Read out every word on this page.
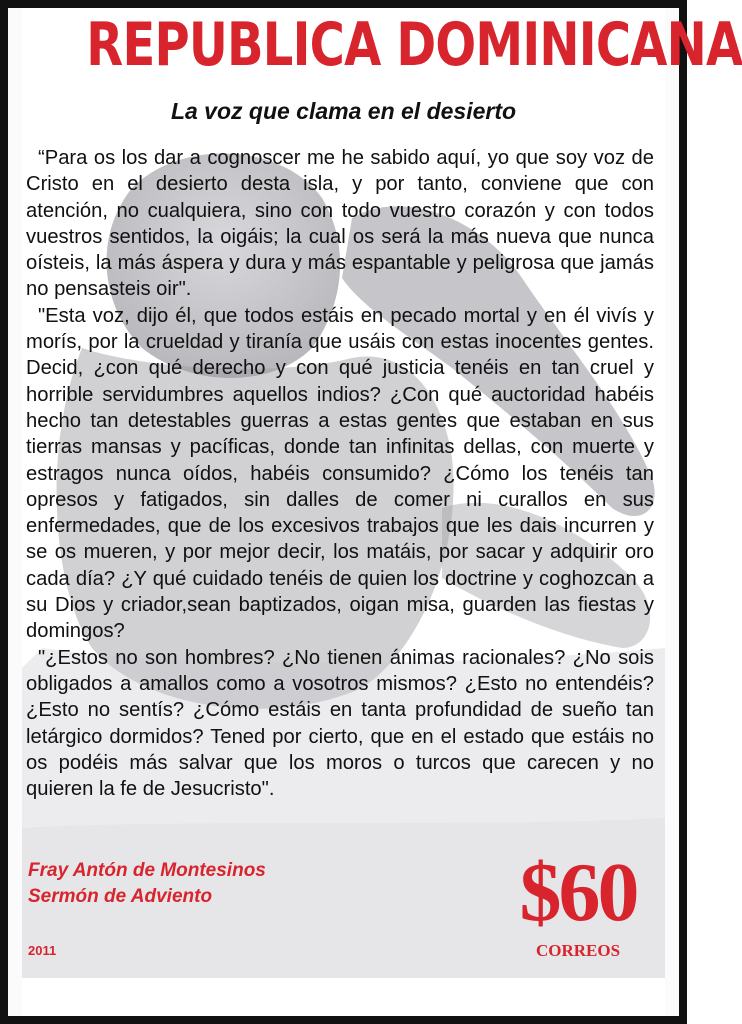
REPUBLICA DOMINICANA
La voz que clama en el desierto

“Para os los dar a cognoscer me he sabido aquí, yo que soy voz de Cristo en el desierto desta isla, y por tanto, conviene que con atención, no cualquiera, sino con todo vuestro corazón y con todos vuestros sentidos, la oigáis; la cual os será la más nueva que nunca oísteis, la más áspera y dura y más espantable y peligrosa que jamás no pensasteis oir".

"Esta voz, dijo él, que todos estáis en pecado mortal y en él vivís y morís, por la crueldad y tiranía que usáis con estas inocentes gentes. Decid, ¿con qué derecho y con qué justicia tenéis en tan cruel y horrible servidumbres aquellos indios? ¿Con qué auctoridad habéis hecho tan detestables guerras a estas gentes que estaban en sus tierras mansas y pacíficas, donde tan infinitas dellas, con muerte y estragos nunca oídos, habéis consumido? ¿Cómo los tenéis tan opresos y fatigados, sin dalles de comer ni curallos en sus enfermedades, que de los excesivos trabajos que les dais incurren y se os mueren, y por mejor decir, los matáis, por sacar y adquirir oro cada día? ¿Y qué cuidado tenéis de quien los doctrine y coghozcan a su Dios y criador,sean baptizados, oigan misa, guarden las fiestas y domingos?

"¿Estos no son hombres? ¿No tienen ánimas racionales? ¿No sois obligados a amallos como a vosotros mismos? ¿Esto no entendéis? ¿Esto no sentís? ¿Cómo estáis en tanta profundidad de sueño tan letárgico dormidos? Tened por cierto, que en el estado que estáis no os podéis más salvar que los moros o turcos que carecen y no quieren la fe de Jesucristo".

Fray Antón de Montesinos
Sermón de Adviento
2011
$60
CORREOS
